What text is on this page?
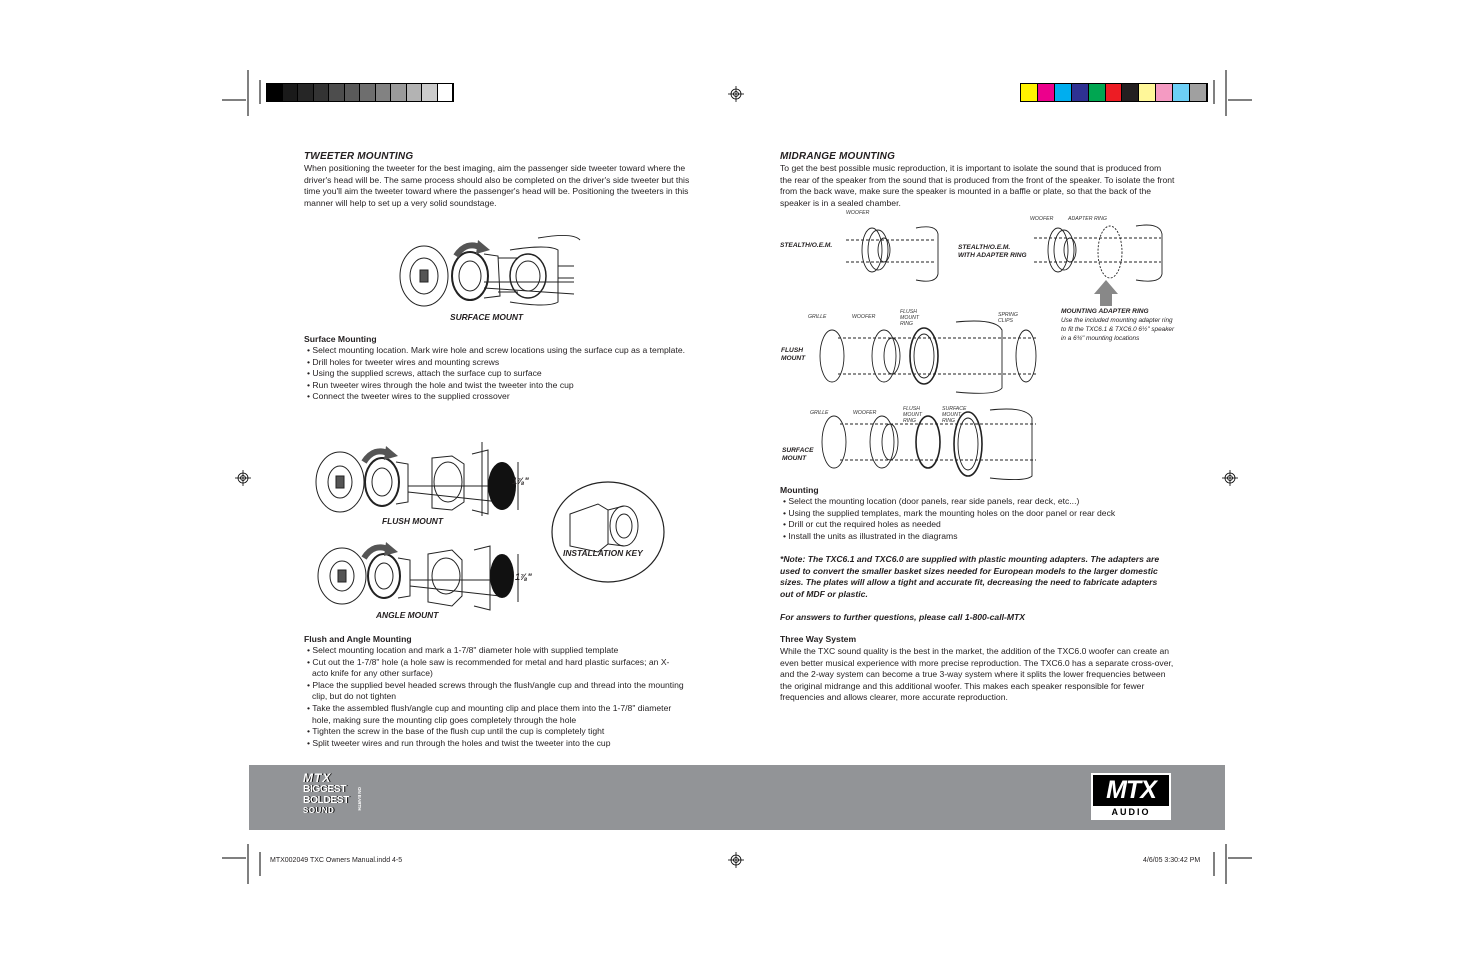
TWEETER MOUNTING
When positioning the tweeter for the best imaging, aim the passenger side tweeter toward where the driver's head will be. The same process should also be completed on the driver's side tweeter but this time you'll aim the tweeter toward where the passenger's head will be. Positioning the tweeters in this manner will help to set up a very solid soundstage.
SURFACE MOUNT
Surface Mounting
• Select mounting location. Mark wire hole and screw locations using the surface cup as a template.
• Drill holes for tweeter wires and mounting screws
• Using the supplied screws, attach the surface cup to surface
• Run tweeter wires through the hole and twist the tweeter into the cup
• Connect the tweeter wires to the supplied crossover
1⅞"
FLUSH MOUNT
INSTALLATION KEY
1⅞"
ANGLE MOUNT
Flush and Angle Mounting
• Select mounting location and mark a 1-7/8" diameter hole with supplied template
• Cut out the 1-7/8" hole (a hole saw is recommended for metal and hard plastic surfaces; an X-acto knife for any other surface)
• Place the supplied bevel headed screws through the flush/angle cup and thread into the mounting clip, but do not tighten
• Take the assembled flush/angle cup and mounting clip and place them into the 1-7/8" diameter hole, making sure the mounting clip goes completely through the hole
• Tighten the screw in the base of the flush cup until the cup is completely tight
• Split tweeter wires and run through the holes and twist the tweeter into the cup
MIDRANGE MOUNTING
To get the best possible music reproduction, it is important to isolate the sound that is produced from the rear of the speaker from the sound that is produced from the front of the speaker. To isolate the front from the back wave, make sure the speaker is mounted in a baffle or plate, so that the back of the speaker is in a sealed chamber.
WOOFER
STEALTH/O.E.M.
WOOFER	ADAPTER RING
STEALTH/O.E.M.
WITH ADAPTER RING
MOUNTING ADAPTER RING
Use the included mounting adapter ring to fit the TXC6.1 & TXC6.0 6½" speaker in a 6¾" mounting locations
GRILLE	WOOFER
FLUSH
MOUNT
RING
SPRING
CLIPS
FLUSH
MOUNT
GRILLE	WOOFER
FLUSH
MOUNT
RING
SURFACE
MOUNT
RING
SURFACE
MOUNT
Mounting
• Select the mounting location (door panels, rear side panels, rear deck, etc...)
• Using the supplied templates, mark the mounting holes on the door panel or rear deck
• Drill or cut the required holes as needed
• Install the units as illustrated in the diagrams
*Note: The TXC6.1 and TXC6.0 are supplied with plastic mounting adapters. The adapters are used to convert the smaller basket sizes needed for European models to the larger domestic sizes. The plates will allow a tight and accurate fit, decreasing the need to fabricate adapters out of MDF or plastic.
For answers to further questions, please call 1-800-call-MTX
Three Way System
While the TXC sound quality is the best in the market, the addition of the TXC6.0 woofer can create an even better musical experience with more precise reproduction. The TXC6.0 has a separate cross-over, and the 2-way system can become a true 3-way system where it splits the lower frequencies between the original midrange and this additional woofer. This makes each speaker responsible for fewer frequencies and allows clearer, more accurate reproduction.
MTX
BIGGEST
BOLDEST
SOUND	ON EARTH	MTX
AUDIO
MTX002049 TXC Owners Manual.indd 4-5	4/6/05 3:30:42 PM
